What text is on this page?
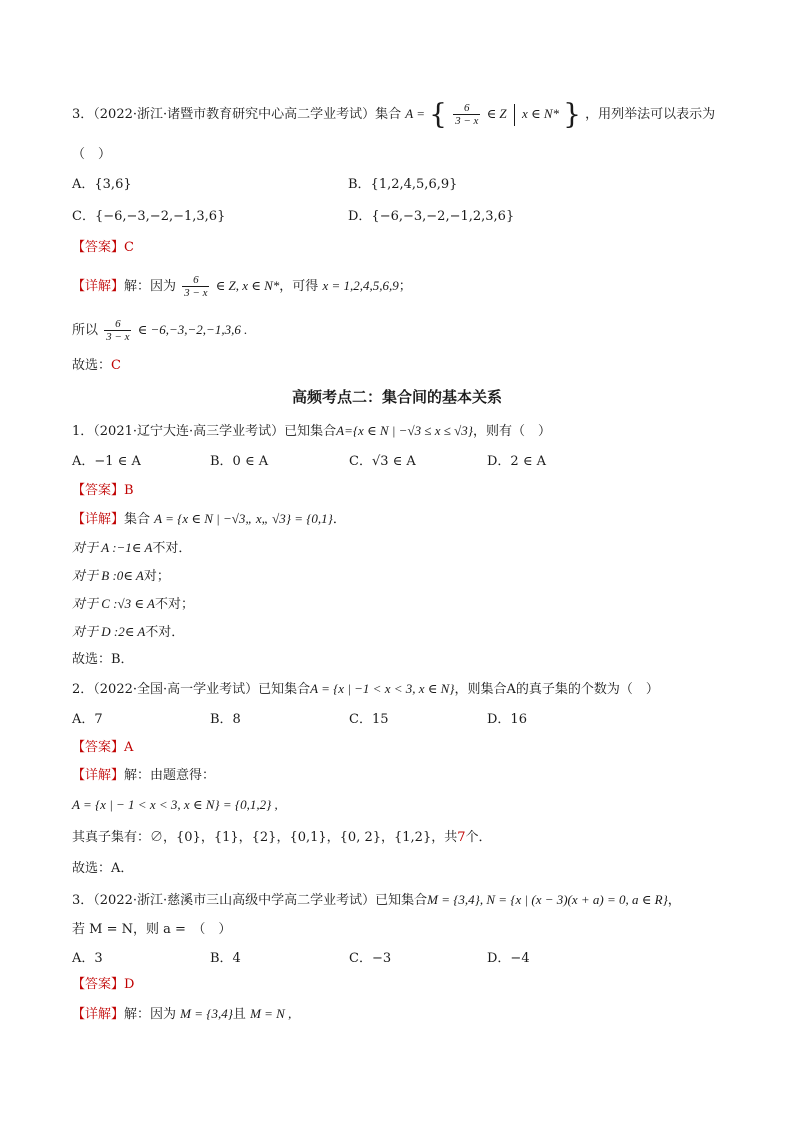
3．（2022·浙江·诸暨市教育研究中心高二学业考试）集合 A = { $\frac{6}{3 - x}$ ∈ Z x ∈ N* } ，用列举法可以表示为
（　）
A．{3,6}	B．{1,2,4,5,6,9}
C．{−6,−3,−2,−1,3,6}	D．{−6,−3,−2,−1,2,3,6}
【答案】C
【详解】解：因为 $\frac{6}{3 - x}$ ∈ Z, x ∈ N*，可得 x = 1,2,4,5,6,9；
所以 $\frac{6}{3 - x}$ ∈ −6,−3,−2,−1,3,6 .
故选：C
高频考点二：集合间的基本关系
1．（2021·辽宁大连·高三学业考试）已知集合A={x ∈ N | −√3 ≤ x ≤ √3}，则有（　）
A．−1 ∈ A	B．0 ∈ A	C．√3 ∈ A	D．2 ∈ A
【答案】B
【详解】集合 A = {x ∈ N | −√3„ x„ √3} = {0,1}．
对于 A :−1∈ A不对．
对于 B :0∈ A对；
对于 C :√3 ∈ A不对；
对于 D :2∈ A不对．
故选：B．
2．（2022·全国·高一学业考试）已知集合A = {x | −1 < x < 3, x ∈ N}，则集合A的真子集的个数为（　）
A．7	B．8	C．15	D．16
【答案】A
【详解】解：由题意得：
A = {x | − 1 < x < 3, x ∈ N} = {0,1,2} ,
其真子集有：∅，{0}，{1}，{2}，{0,1}，{0, 2}，{1,2}，共7个．
故选：A．
3．（2022·浙江·慈溪市三山高级中学高二学业考试）已知集合M = {3,4}, N = {x | (x − 3)(x + a) = 0, a ∈ R}，
若 M = N，则 a =　（　）
A．3	B．4	C．−3	D．−4
【答案】D
【详解】解：因为 M = {3,4}且 M = N ,
